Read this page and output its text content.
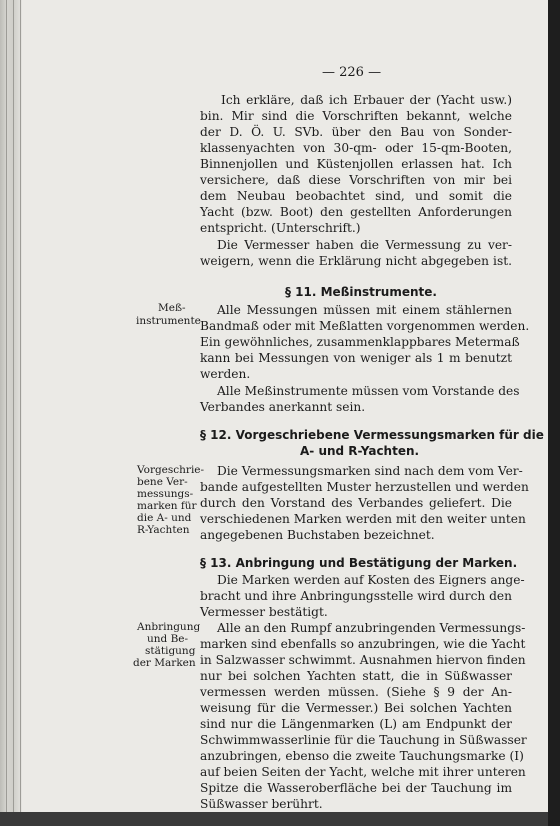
— 226 —
Ich erkläre, daß ich Erbauer der (Yacht usw.)
bin. Mir sind die Vorschriften bekannt, welche
der D. Ö. U. SVb. über den Bau von Sonder-
klassenyachten von 30-qm- oder 15-qm-Booten,
Binnenjollen und Küstenjollen erlassen hat. Ich
versichere, daß diese Vorschriften von mir bei
dem Neubau beobachtet sind, und somit die
Yacht (bzw. Boot) den gestellten Anforderungen
entspricht. (Unterschrift.)
Die Vermesser haben die Vermessung zu ver-
weigern, wenn die Erklärung nicht abgegeben ist.
§ 11. Meßinstrumente.
Meß-
instrumente
Alle Messungen müssen mit einem stählernen
Bandmaß oder mit Meßlatten vorgenommen werden.
Ein gewöhnliches, zusammenklappbares Metermaß
kann bei Messungen von weniger als 1 m benutzt
werden.
Alle Meßinstrumente müssen vom Vorstande des
Verbandes anerkannt sein.
§ 12. Vorgeschriebene Vermessungsmarken für die
A- und R-Yachten.
Vorgeschrie-
bene Ver-
messungs-
marken für
die A- und
R-Yachten
Die Vermessungsmarken sind nach dem vom Ver-
bande aufgestellten Muster herzustellen und werden
durch den Vorstand des Verbandes geliefert. Die
verschiedenen Marken werden mit den weiter unten
angegebenen Buchstaben bezeichnet.
§ 13. Anbringung und Bestätigung der Marken.
Die Marken werden auf Kosten des Eigners ange-
bracht und ihre Anbringungsstelle wird durch den
Vermesser bestätigt.
Anbringung
und Be-
stätigung
der Marken
Alle an den Rumpf anzubringenden Vermessungs-
marken sind ebenfalls so anzubringen, wie die Yacht
in Salzwasser schwimmt. Ausnahmen hiervon finden
nur bei solchen Yachten statt, die in Süßwasser
vermessen werden müssen. (Siehe § 9 der An-
weisung für die Vermesser.) Bei solchen Yachten
sind nur die Längenmarken (L) am Endpunkt der
Schwimmwasserlinie für die Tauchung in Süßwasser
anzubringen, ebenso die zweite Tauchungsmarke (I)
auf beien Seiten der Yacht, welche mit ihrer unteren
Spitze die Wasseroberfläche bei der Tauchung im
Süßwasser berührt.
